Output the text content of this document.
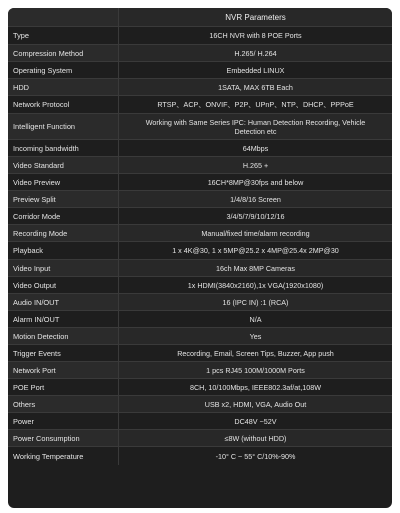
NVR Parameters
Type	16CH NVR with 8 POE Ports
Compression Method	H.265/ H.264
Operating System	Embedded LINUX
HDD	1SATA, MAX 6TB Each
Network Protocol	RTSP、ACP、ONVIF、P2P、UPnP、NTP、DHCP、PPPoE
Intelligent Function	Working with Same Series IPC: Human Detection Recording, Vehicle Detection etc
Incoming bandwidth	64Mbps
Video Standard	H.265 +
Video Preview	16CH*8MP@30fps and below
Preview Split	1/4/8/16 Screen
Corridor Mode	3/4/5/7/9/10/12/16
Recording Mode	Manual/fixed time/alarm recording
Playback	1 x 4K@30, 1 x 5MP@25.2 x 4MP@25.4x 2MP@30
Video Input	16ch Max 8MP Cameras
Video Output	1x HDMI(3840x2160),1x VGA(1920x1080)
Audio IN/OUT	16 (IPC IN) :1 (RCA)
Alarm IN/OUT	N/A
Motion Detection	Yes
Trigger Events	Recording, Email, Screen Tips, Buzzer, App push
Network Port	1 pcs RJ45 100M/1000M Ports
POE Port	8CH, 10/100Mbps, IEEE802.3af/at,108W
Others	USB x2, HDMI, VGA, Audio Out
Power	DC48V ~52V
Power Consumption	≤8W (without HDD)
Working Temperature	-10° C ~ 55° C/10%-90%
